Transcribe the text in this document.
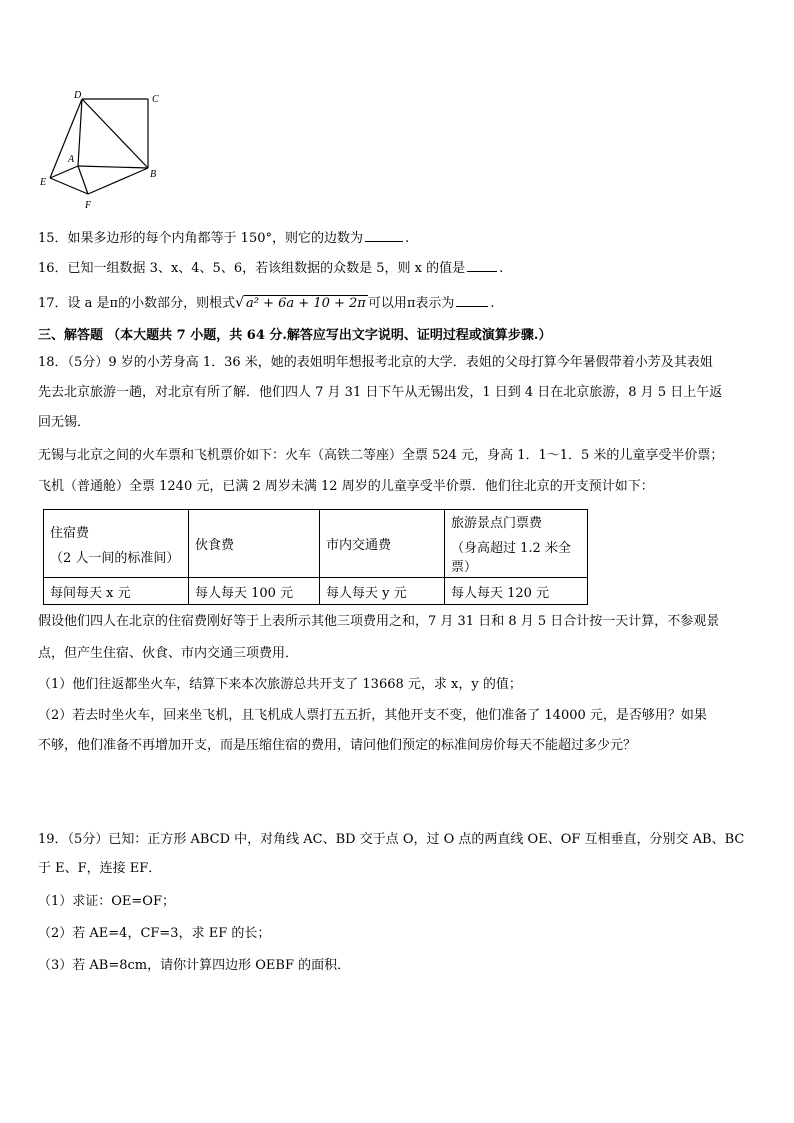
D	C
A
B
E
F
15．如果多边形的每个内角都等于 150°，则它的边数为	.
16．已知一组数据 3、x、4、5、6，若该组数据的众数是 5，则 x 的值是	.
17．设 a 是π的小数部分，则根式√ a² + 6a + 10 + 2π 可以用π表示为	.
三、解答题 （本大题共 7 小题，共 64 分.解答应写出文字说明、证明过程或演算步骤.）
18．（5分）9 岁的小芳身高 1．36 米，她的表姐明年想报考北京的大学．表姐的父母打算今年暑假带着小芳及其表姐
先去北京旅游一趟，对北京有所了解．他们四人 7 月 31 日下午从无锡出发，1 日到 4 日在北京旅游，8 月 5 日上午返
回无锡．
无锡与北京之间的火车票和飞机票价如下：火车（高铁二等座）全票 524 元，身高 1．1～1．5 米的儿童享受半价票；
飞机（普通舱）全票 1240 元，已满 2 周岁未满 12 周岁的儿童享受半价票．他们往北京的开支预计如下：
住宿费
（2 人一间的标准间）	伙食费	市内交通费	旅游景点门票费
（身高超过 1.2 米全票）

每间每天 x 元	每人每天 100 元	每人每天 y 元	每人每天 120 元
假设他们四人在北京的住宿费刚好等于上表所示其他三项费用之和，7 月 31 日和 8 月 5 日合计按一天计算，不参观景
点，但产生住宿、伙食、市内交通三项费用．
（1）他们往返都坐火车，结算下来本次旅游总共开支了 13668 元，求 x，y 的值；
（2）若去时坐火车，回来坐飞机，且飞机成人票打五五折，其他开支不变，他们准备了 14000 元，是否够用？如果
不够，他们准备不再增加开支，而是压缩住宿的费用，请问他们预定的标准间房价每天不能超过多少元？
19．（5分）已知：正方形 ABCD 中，对角线 AC、BD 交于点 O，过 O 点的两直线 OE、OF 互相垂直，分别交 AB、BC
于 E、F，连接 EF．
（1）求证：OE=OF；
（2）若 AE=4，CF=3，求 EF 的长；
（3）若 AB=8cm，请你计算四边形 OEBF 的面积．
